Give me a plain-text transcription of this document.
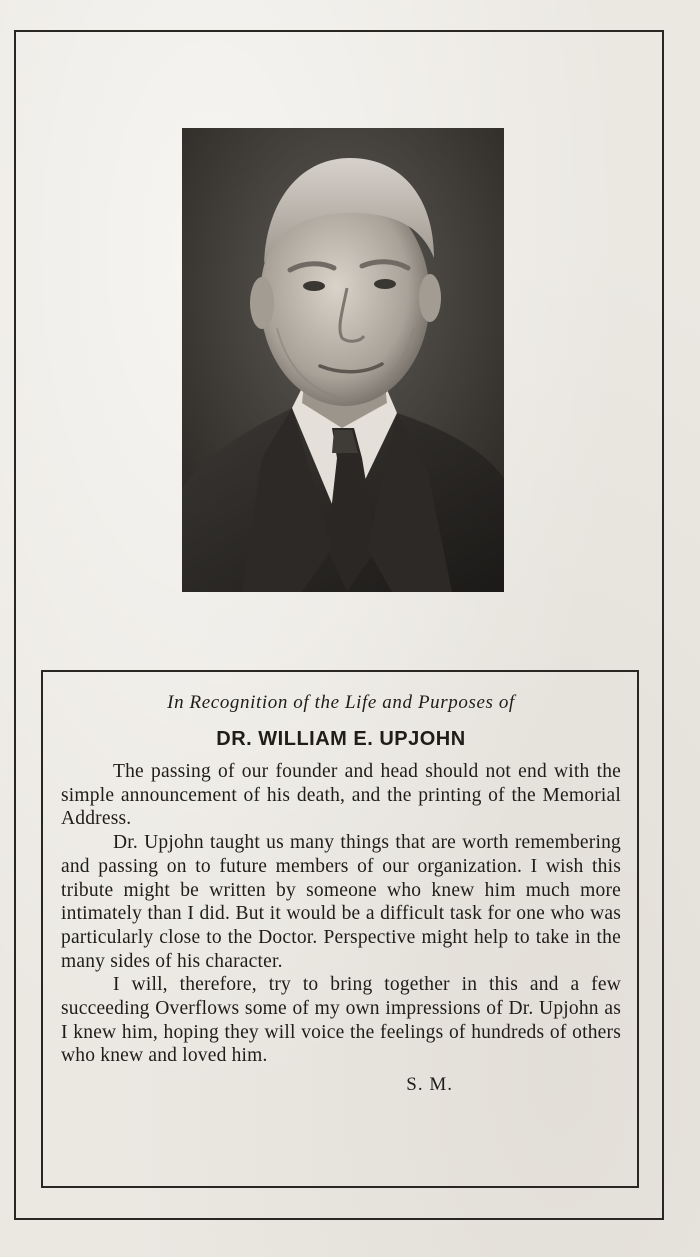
In Recognition of the Life and Purposes of
DR. WILLIAM E. UPJOHN

The passing of our founder and head should not end with the simple announcement of his death, and the printing of the Memorial Address.

Dr. Upjohn taught us many things that are worth remembering and passing on to future members of our organization. I wish this tribute might be written by someone who knew him much more intimately than I did. But it would be a difficult task for one who was particularly close to the Doctor. Perspective might help to take in the many sides of his character.

I will, therefore, try to bring together in this and a few succeeding Overflows some of my own impressions of Dr. Upjohn as I knew him, hoping they will voice the feelings of hundreds of others who knew and loved him.

S. M.
